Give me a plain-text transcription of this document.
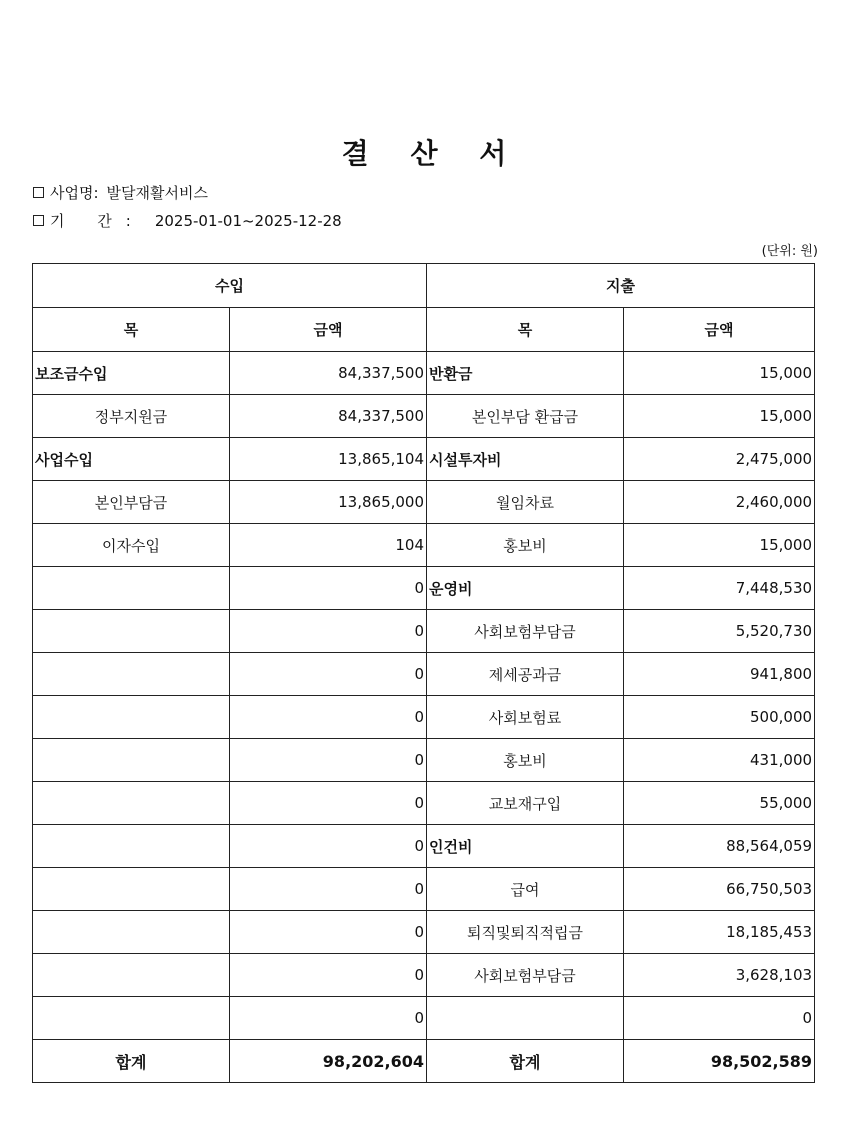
결 산 서
사업명: 발달재활서비스
기 간: 2025-01-01~2025-12-28
(단위: 원)
수입		지출	
목	금액	목	금액
보조금수입	84,337,500	반환금	15,000
정부지원금	84,337,500	본인부담 환급금	15,000
사업수입	13,865,104	시설투자비	2,475,000
본인부담금	13,865,000	월임차료	2,460,000
이자수입	104	홍보비	15,000
	0	운영비	7,448,530
	0	사회보험부담금	5,520,730
	0	제세공과금	941,800
	0	사회보험료	500,000
	0	홍보비	431,000
	0	교보재구입	55,000
	0	인건비	88,564,059
	0	급여	66,750,503
	0	퇴직및퇴직적립금	18,185,453
	0	사회보험부담금	3,628,103
	0		0
합계	98,202,604	합계	98,502,589
